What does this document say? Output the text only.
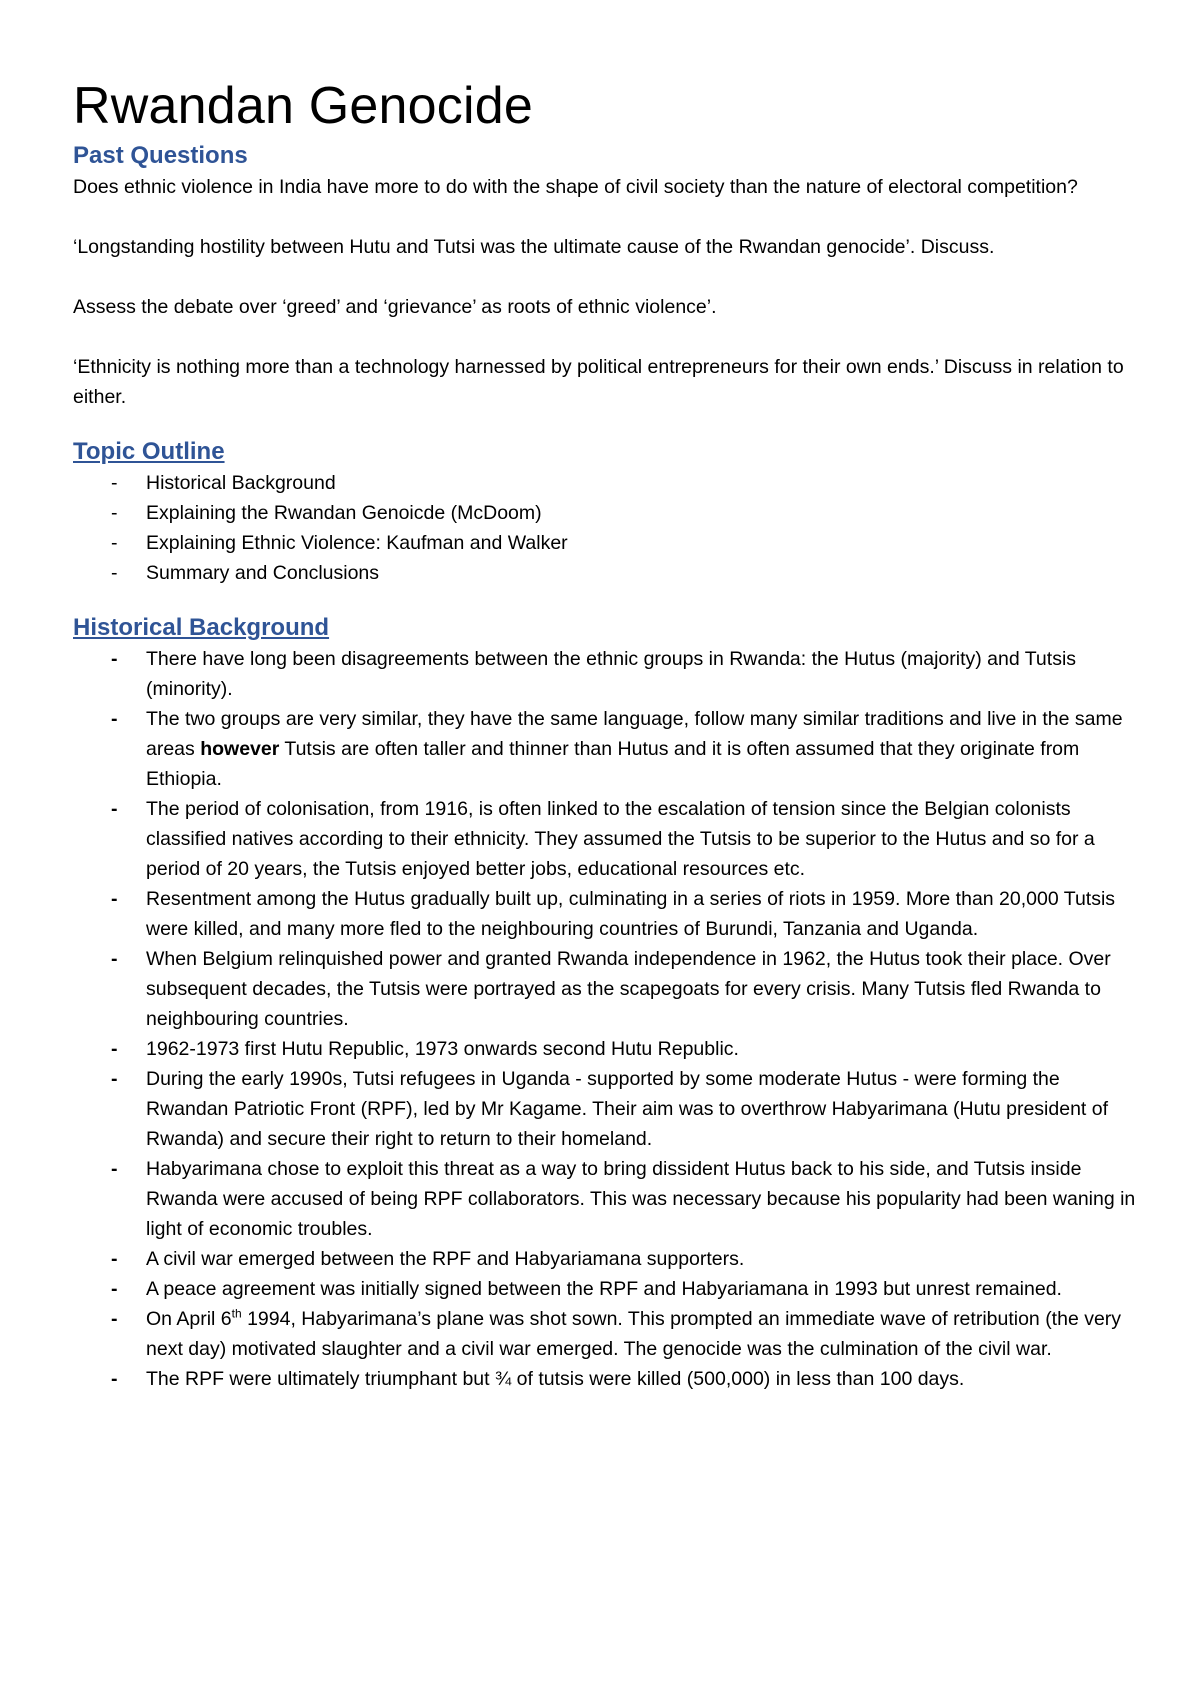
Rwandan Genocide
Past Questions

Does ethnic violence in India have more to do with the shape of civil society than the nature of electoral competition?

‘Longstanding hostility between Hutu and Tutsi was the ultimate cause of the Rwandan genocide’. Discuss.

Assess the debate over ‘greed’ and ‘grievance’ as roots of ethnic violence’.

‘Ethnicity is nothing more than a technology harnessed by political entrepreneurs for their own ends.’ Discuss in relation to either.

Topic Outline
- Historical Background
- Explaining the Rwandan Genoicde (McDoom)
- Explaining Ethnic Violence: Kaufman and Walker
- Summary and Conclusions
Historical Background
- There have long been disagreements between the ethnic groups in Rwanda: the Hutus (majority) and Tutsis (minority).
- The two groups are very similar, they have the same language, follow many similar traditions and live in the same areas however Tutsis are often taller and thinner than Hutus and it is often assumed that they originate from Ethiopia.
- The period of colonisation, from 1916, is often linked to the escalation of tension since the Belgian colonists classified natives according to their ethnicity. They assumed the Tutsis to be superior to the Hutus and so for a period of 20 years, the Tutsis enjoyed better jobs, educational resources etc.
- Resentment among the Hutus gradually built up, culminating in a series of riots in 1959. More than 20,000 Tutsis were killed, and many more fled to the neighbouring countries of Burundi, Tanzania and Uganda.
- When Belgium relinquished power and granted Rwanda independence in 1962, the Hutus took their place. Over subsequent decades, the Tutsis were portrayed as the scapegoats for every crisis. Many Tutsis fled Rwanda to neighbouring countries.
- 1962-1973 first Hutu Republic, 1973 onwards second Hutu Republic.
- During the early 1990s, Tutsi refugees in Uganda - supported by some moderate Hutus - were forming the Rwandan Patriotic Front (RPF), led by Mr Kagame. Their aim was to overthrow Habyarimana (Hutu president of Rwanda) and secure their right to return to their homeland.
- Habyarimana chose to exploit this threat as a way to bring dissident Hutus back to his side, and Tutsis inside Rwanda were accused of being RPF collaborators. This was necessary because his popularity had been waning in light of economic troubles.
- A civil war emerged between the RPF and Habyariamana supporters.
- A peace agreement was initially signed between the RPF and Habyariamana in 1993 but unrest remained.
- On April 6th 1994, Habyarimana’s plane was shot sown. This prompted an immediate wave of retribution (the very next day) motivated slaughter and a civil war emerged. The genocide was the culmination of the civil war.
- The RPF were ultimately triumphant but ¾ of tutsis were killed (500,000) in less than 100 days.
